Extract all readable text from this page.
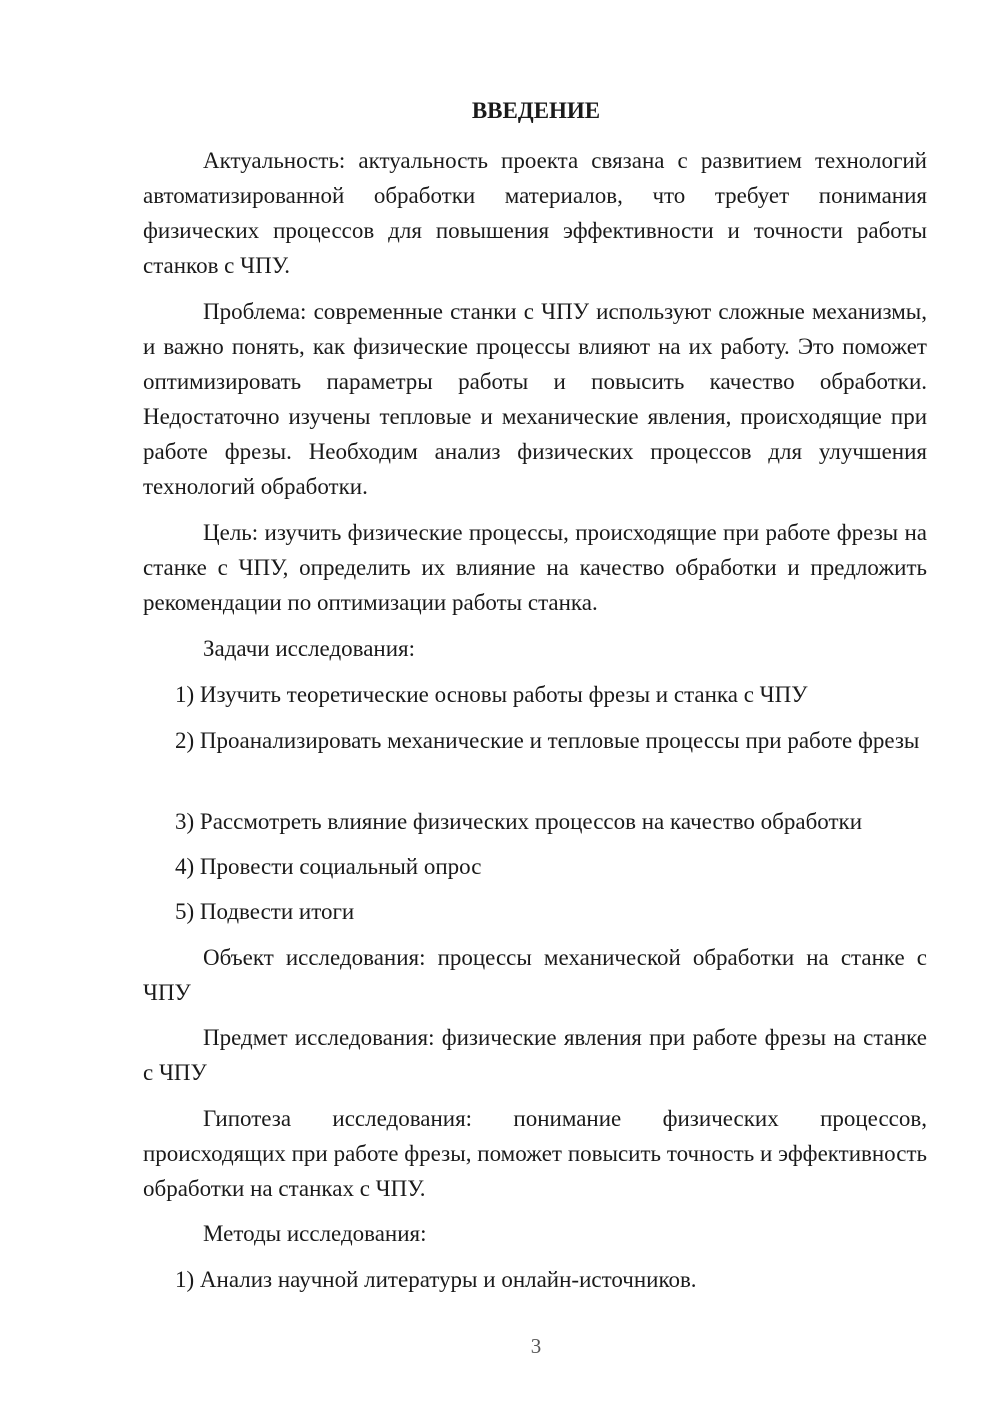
ВВЕДЕНИЕ

Актуальность: актуальность проекта связана с развитием технологий автоматизированной обработки материалов, что требует понимания физических процессов для повышения эффективности и точности работы станков с ЧПУ.

Проблема: современные станки с ЧПУ используют сложные механизмы, и важно понять, как физические процессы влияют на их работу. Это поможет оптимизировать параметры работы и повысить качество обработки. Недостаточно изучены тепловые и механические явления, происходящие при работе фрезы. Необходим анализ физических процессов для улучшения технологий обработки.

Цель: изучить физические процессы, происходящие при работе фрезы на станке с ЧПУ, определить их влияние на качество обработки и предложить рекомендации по оптимизации работы станка.

Задачи исследования:

1) Изучить теоретические основы работы фрезы и станка с ЧПУ

2) Проанализировать механические и тепловые процессы при работе фрезы

3) Рассмотреть влияние физических процессов на качество обработки

4) Провести социальный опрос

5) Подвести итоги

Объект исследования: процессы механической обработки на станке с ЧПУ

Предмет исследования: физические явления при работе фрезы на станке с ЧПУ

Гипотеза исследования: понимание физических процессов, происходящих при работе фрезы, поможет повысить точность и эффективность обработки на станках с ЧПУ.

Методы исследования:

1) Анализ научной литературы и онлайн-источников.

3
